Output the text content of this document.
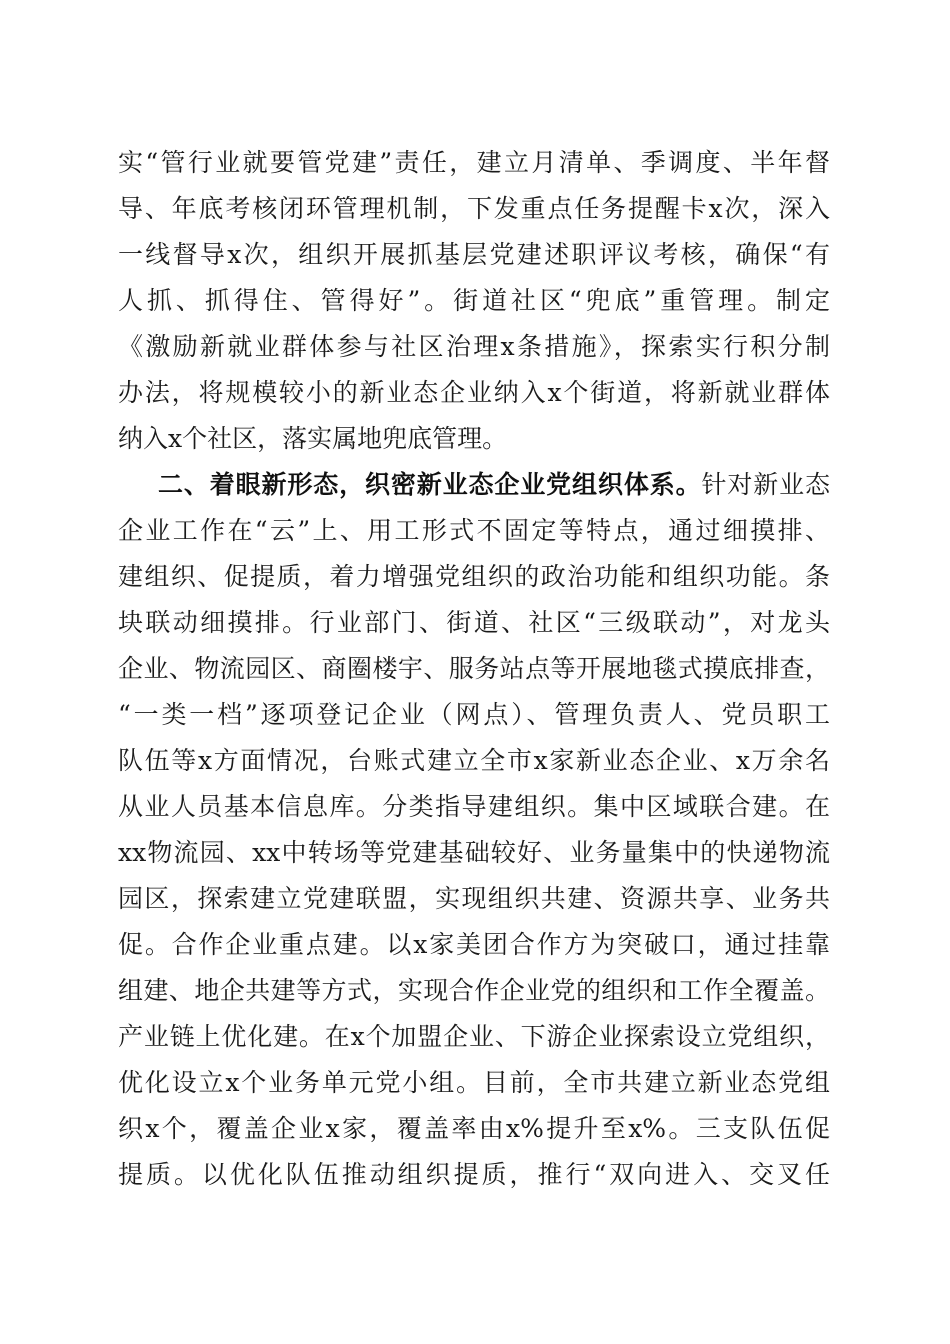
实“管行业就要管党建”责任，建立月清单、季调度、半年督
导、年底考核闭环管理机制，下发重点任务提醒卡x次，深入
一线督导x次，组织开展抓基层党建述职评议考核，确保“有
人抓、抓得住、管得好”。街道社区“兜底”重管理。制定
《激励新就业群体参与社区治理x条措施》，探索实行积分制
办法，将规模较小的新业态企业纳入x个街道，将新就业群体
纳入x个社区，落实属地兜底管理。
二、着眼新形态，织密新业态企业党组织体系。针对新业态
企业工作在“云”上、用工形式不固定等特点，通过细摸排、
建组织、促提质，着力增强党组织的政治功能和组织功能。条
块联动细摸排。行业部门、街道、社区“三级联动”，对龙头
企业、物流园区、商圈楼宇、服务站点等开展地毯式摸底排查，
“一类一档”逐项登记企业（网点）、管理负责人、党员职工
队伍等x方面情况，台账式建立全市x家新业态企业、x万余名
从业人员基本信息库。分类指导建组织。集中区域联合建。在
xx物流园、xx中转场等党建基础较好、业务量集中的快递物流
园区，探索建立党建联盟，实现组织共建、资源共享、业务共
促。合作企业重点建。以x家美团合作方为突破口，通过挂靠
组建、地企共建等方式，实现合作企业党的组织和工作全覆盖。
产业链上优化建。在x个加盟企业、下游企业探索设立党组织，
优化设立x个业务单元党小组。目前，全市共建立新业态党组
织x个，覆盖企业x家，覆盖率由x%提升至x%。三支队伍促
提质。以优化队伍推动组织提质，推行“双向进入、交叉任
